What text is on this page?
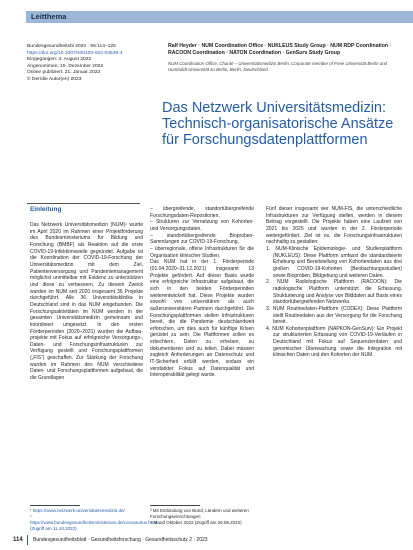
Leitthema
Bundesgesundheitsbl 2023 · 66:114–125
https://doi.org/10.1007/s00103-022-03649-4
Eingegangen: 4. August 2022
Angenommen: 15. Dezember 2022
Online publiziert: 21. Januar 2023
© Der/die Autor(en) 2023
Ralf Heyder · NUM Coordination Office · NUKLEUS Study Group · NUM RDP Coordination · RACOON Coordination · NATON Coordination · GenSurv Study Group
NUM Coordination Office, Charité – Universitätsmedizin Berlin, Corporate member of Freie Universität Berlin and Humboldt-Universität zu Berlin, Berlin, Deutschland
Das Netzwerk Universitätsmedizin: Technisch-organisatorische Ansätze für Forschungsdatenplattformen
Einleitung

Das Netzwerk Universitätsmedizin (NUM)¹ wurde im April 2020 im Rahmen einer Projektförderung des Bundesministeriums für Bildung und Forschung (BMBF) als Reaktion auf die erste COVID-19-Infektionswelle gegründet. Aufgabe ist die Koordination der COVID-19-Forschung der Universitätsmedizin mit dem Ziel, Patientenversorgung und Pandemiemanagement möglichst unmittelbar mit Evidenz zu unterstützen und diese zu verbessern. Zu diesem Zweck wurden im NUM seit 2020 insgesamt 36 Projekte durchgeführt. Alle 36 Universitätsklinika in Deutschland sind in das NUM eingebunden. Die Forschungsaktivitäten im NUM werden in der gesamten Universitätsmedizin gemeinsam und koordiniert umgesetzt. In den ersten Förderperioden (2020–2021) wurden die Aufbau-projekte mit Fokus auf erfolgreiche Versorgungs-, Daten- und Forschungsinfrastrukturen zur Verfügung gestellt und Forschungsplattformen („FIS“) geschaffen. Zur Stärkung der Forschung wurden im Rahmen des NUM verschiedene Daten- und Forschungsplattformen aufgebaut, die die Grundlagen

– übergreifende, standortübergreifende Forschungsdaten-Repositorien,

– Strukturen zur Vernetzung von Kohorten- und Versorgungsdaten,

– standortübergreifende Bioproben-Sammlungen zur COVID-19-Forschung,

– überregionale, offene Infrastrukturen für die Organisation klinischer Studien.

Das NUM hat in der 1. Förderperiode (01.04.2020–31.12.2021) insgesamt 13 Projekte gefördert. Auf dieser Basis wurde eine erfolgreiche Infrastruktur aufgebaut, die sich in den beiden Förderperioden weiterentwickelt hat. Diese Projekte wurden sowohl von universitären als auch außeruniversitären Partnern durchgeführt. Die Forschungsplattformen stellen Infrastrukturen bereit, die die Pandemie deutschlandweit erforschen, um dies auch für künftige Krisen gerüstet zu sein. Die Plattformen sollen es erleichtern, Daten zu erheben, zu dokumentieren und zu teilen. Dabei müssen zugleich Anforderungen an Datenschutz und IT-Sicherheit erfüllt werden, sodass ein verstärkter Fokus auf Datenqualität und Interoperabilität gelegt wurde.

Fünf dieser insgesamt vier NUM-FIS, die unterschiedliche Infrastrukturen zur Verfügung stellen, werden in diesem Beitrag vorgestellt. Die Projekte haben eine Laufzeit von 2021 bis 2025 und wurden in der 2. Förderperiode weitergefördert. Ziel ist es, die Forschungsinfrastrukturen nachhaltig zu gestalten:

1. NUM-Klinische Epidemiologie- und Studienplattform (NUKLEUS): Diese Plattform umfasst die standardisierte Erhebung und Bereitstellung von Kohortendaten aus drei großen COVID-19-Kohorten (Beobachtungsstudien) sowie Bioproben, Bildgebung und weiteren Daten.

2. NUM Radiologische Plattform (RACOON): Die radiologische Plattform unterstützt die Erfassung, Strukturierung und Analyse von Bilddaten auf Basis eines standortübergreifenden Netzwerks.

3. NUM Routinedaten-Plattform (CODEX): Diese Plattform stellt Routinedaten aus der Versorgung für die Forschung bereit.

4. NUM Kohortenplattform (NAPKON-GenSurv): Ein Projekt zur strukturierten Erfassung von COVID-19-Verläufen in Deutschland mit Fokus auf Sequenzierdaten und genomischer Überwachung sowie die Integration mit klinischen Daten und den Kohorten der NUM.

¹ https://www.netzwerk-universitaetsmedizin.de/
² https://www.bundesgesundheitsministerium.de/coronavirus.html (Zugriff am 11.10.2022)
³ Mit Einbindung von Bund, Ländern und weiteren Forschungseinrichtungen
⁴ Stand Oktober 2022 (Zugriff am 29.08.2022)
114 Bundesgesundheitsblatt · Gesundheitsforschung · Gesundheitsschutz 2 · 2023
